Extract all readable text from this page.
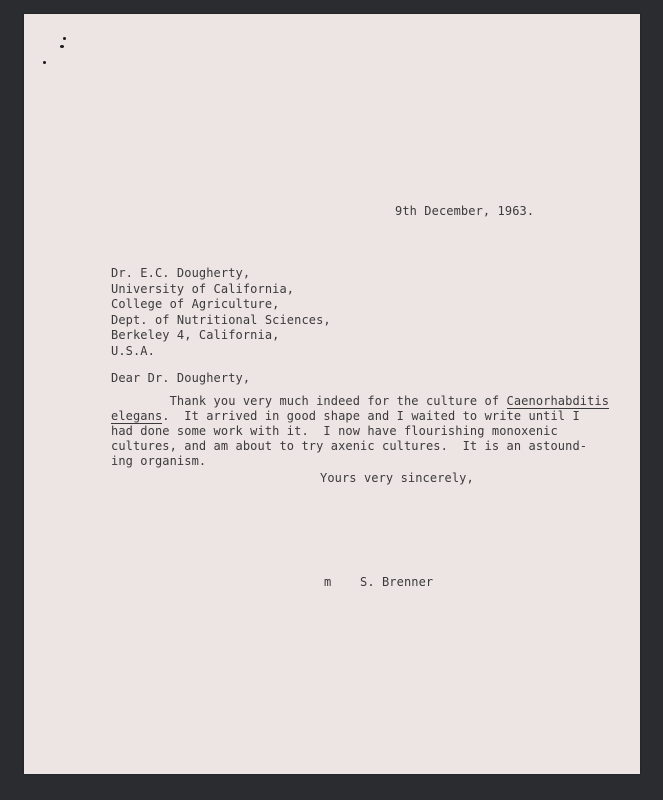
9th December, 1963.
Dr. E.C. Dougherty,
University of California,
College of Agriculture,
Dept. of Nutritional Sciences,
Berkeley 4, California,
U.S.A.
Dear Dr. Dougherty,
Thank you very much indeed for the culture of Caenorhabditis
elegans.  It arrived in good shape and I waited to write until I
had done some work with it.  I now have flourishing monoxenic
cultures, and am about to try axenic cultures.  It is an astound-
ing organism.
Yours very sincerely,
m S. Brenner
